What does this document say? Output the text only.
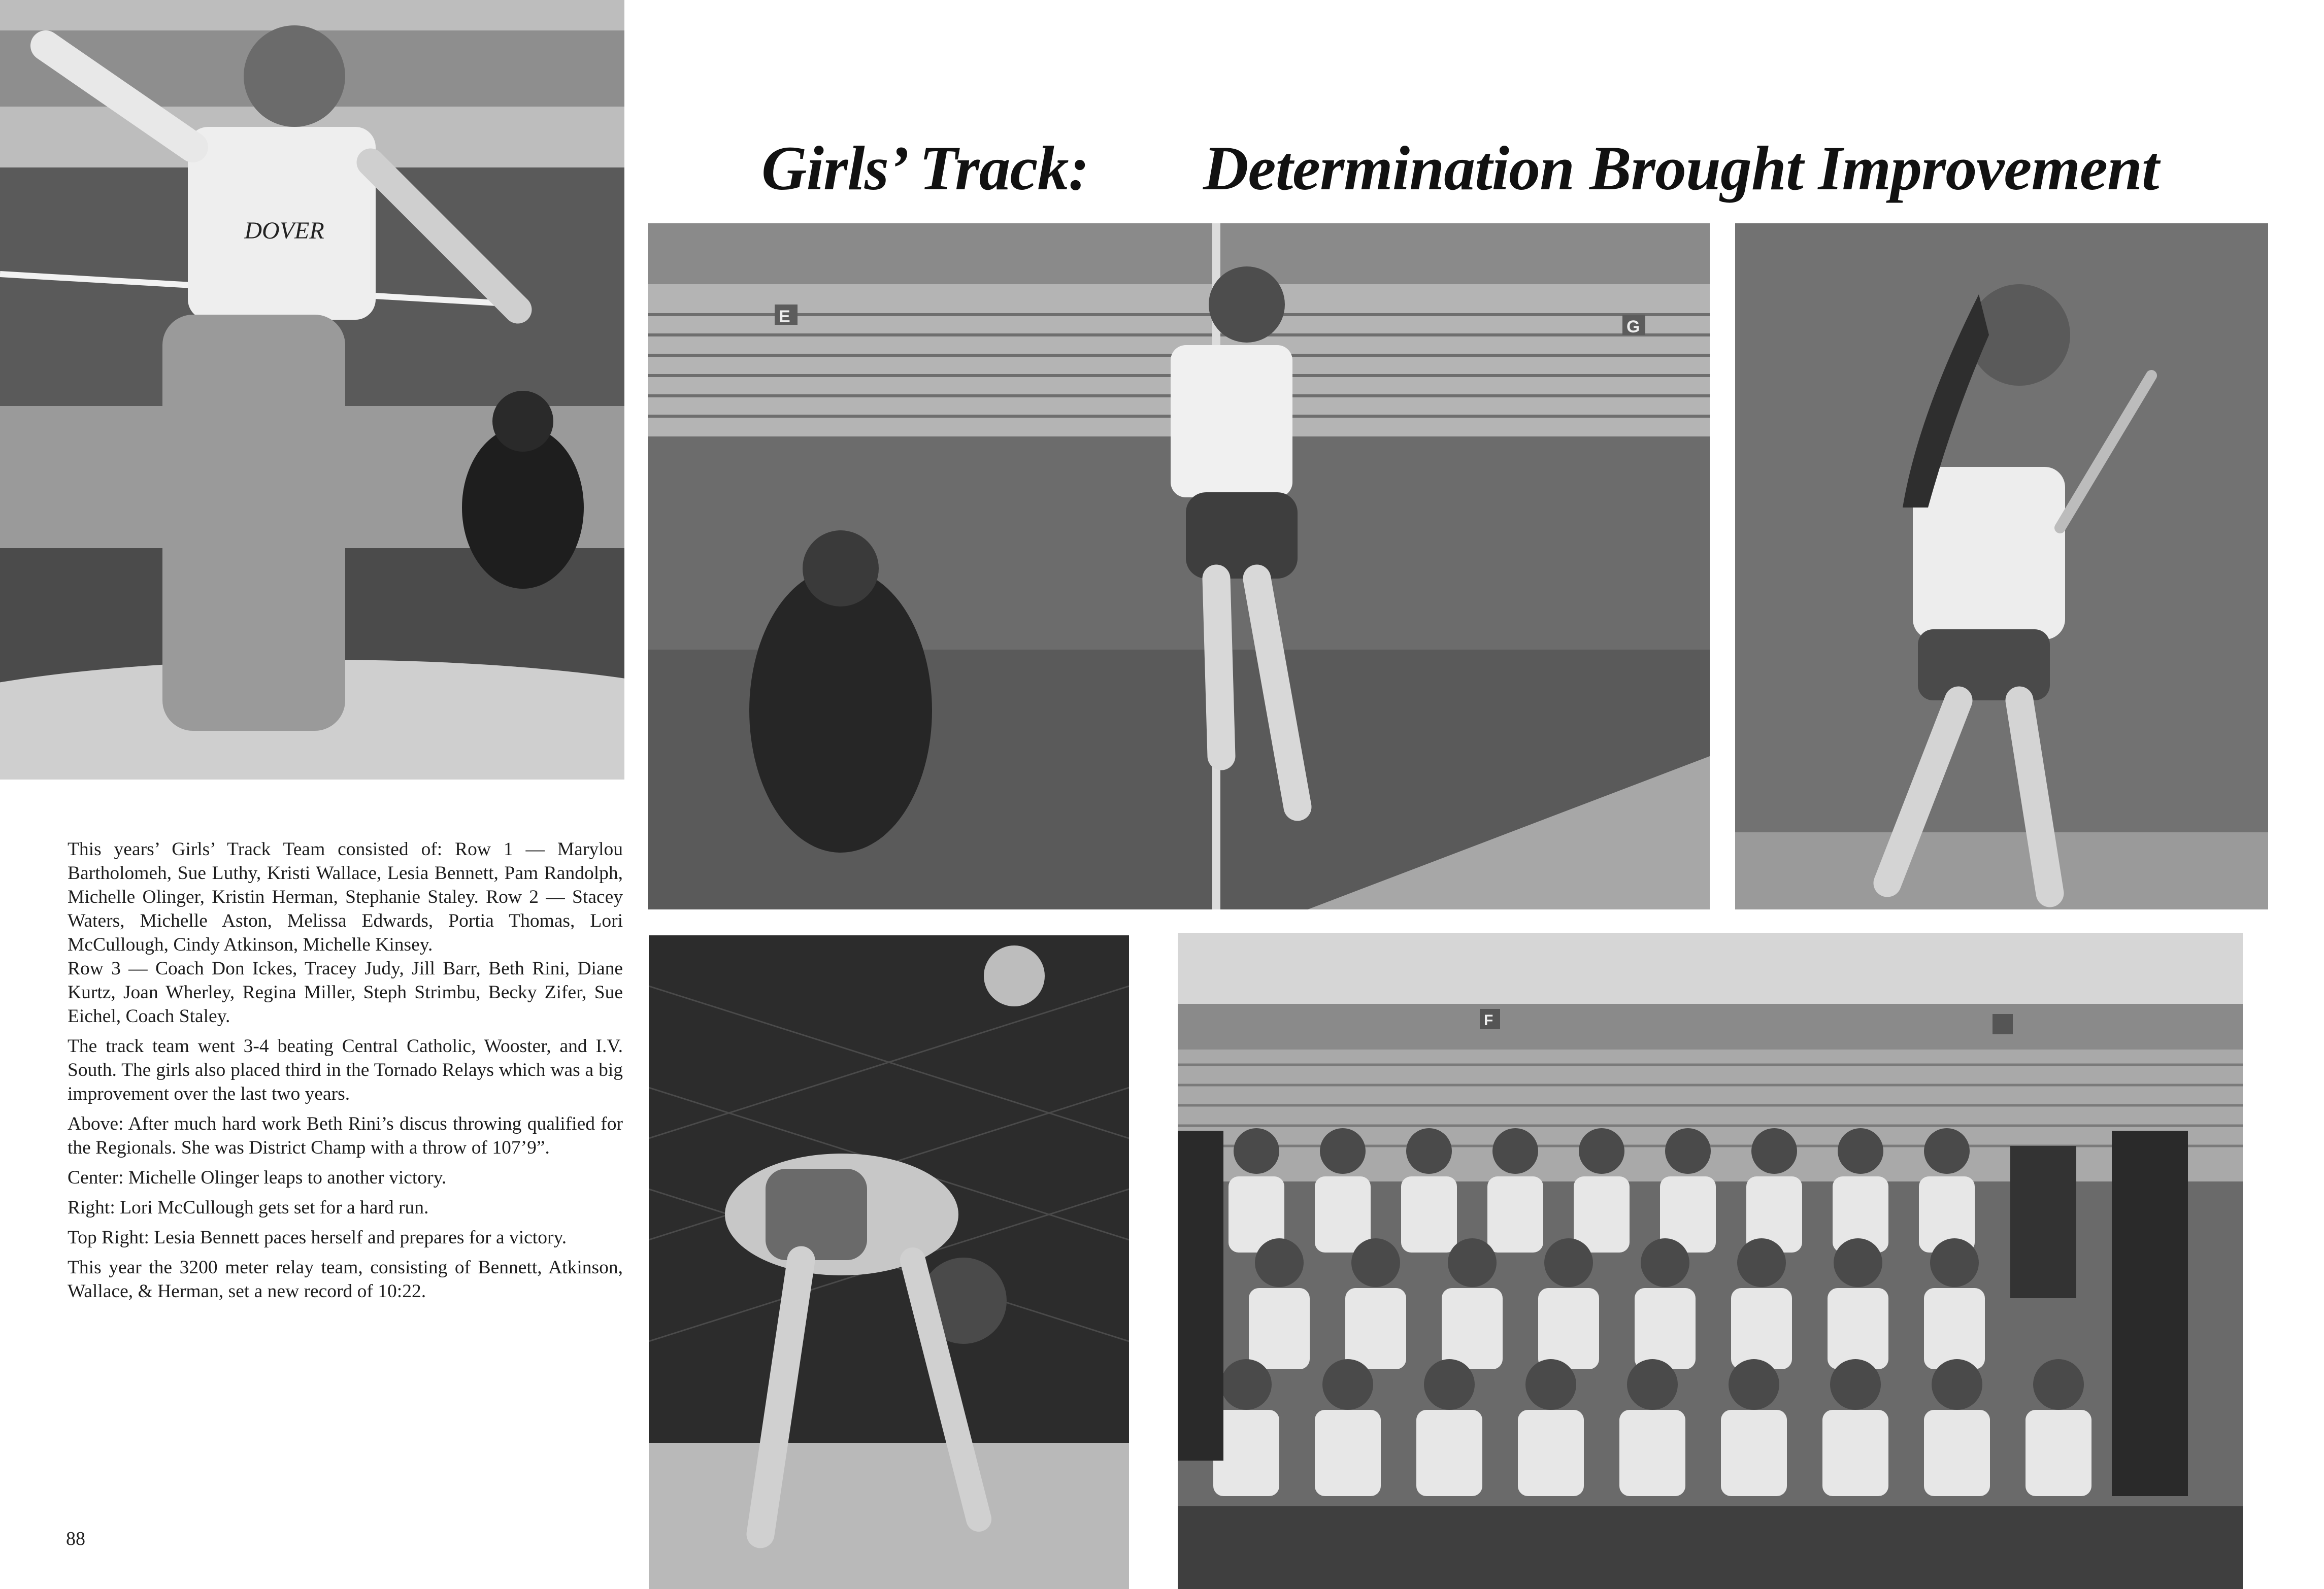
DOVER
Girls’ Track: Determination Brought Improvement
E
G
F

This years’ Girls’ Track Team consisted of: Row 1 — Marylou Bartholomeh, Sue Luthy, Kristi Wallace, Lesia Bennett, Pam Randolph, Michelle Olinger, Kristin Herman, Stephanie Staley. Row 2 — Stacey Waters, Michelle Aston, Melissa Edwards, Portia Thomas, Lori McCullough, Cindy Atkinson, Michelle Kinsey.

Row 3 — Coach Don Ickes, Tracey Judy, Jill Barr, Beth Rini, Diane Kurtz, Joan Wherley, Regina Miller, Steph Strimbu, Becky Zifer, Sue Eichel, Coach Staley.

The track team went 3-4 beating Central Catholic, Wooster, and I.V. South. The girls also placed third in the Tornado Relays which was a big improvement over the last two years.

Above: After much hard work Beth Rini’s discus throwing qualified for the Regionals. She was District Champ with a throw of 107’9”.

Center: Michelle Olinger leaps to another victory.

Right: Lori McCullough gets set for a hard run.

Top Right: Lesia Bennett paces herself and prepares for a victory.

This year the 3200 meter relay team, consisting of Bennett, Atkinson, Wallace, & Herman, set a new record of 10:22.

88
